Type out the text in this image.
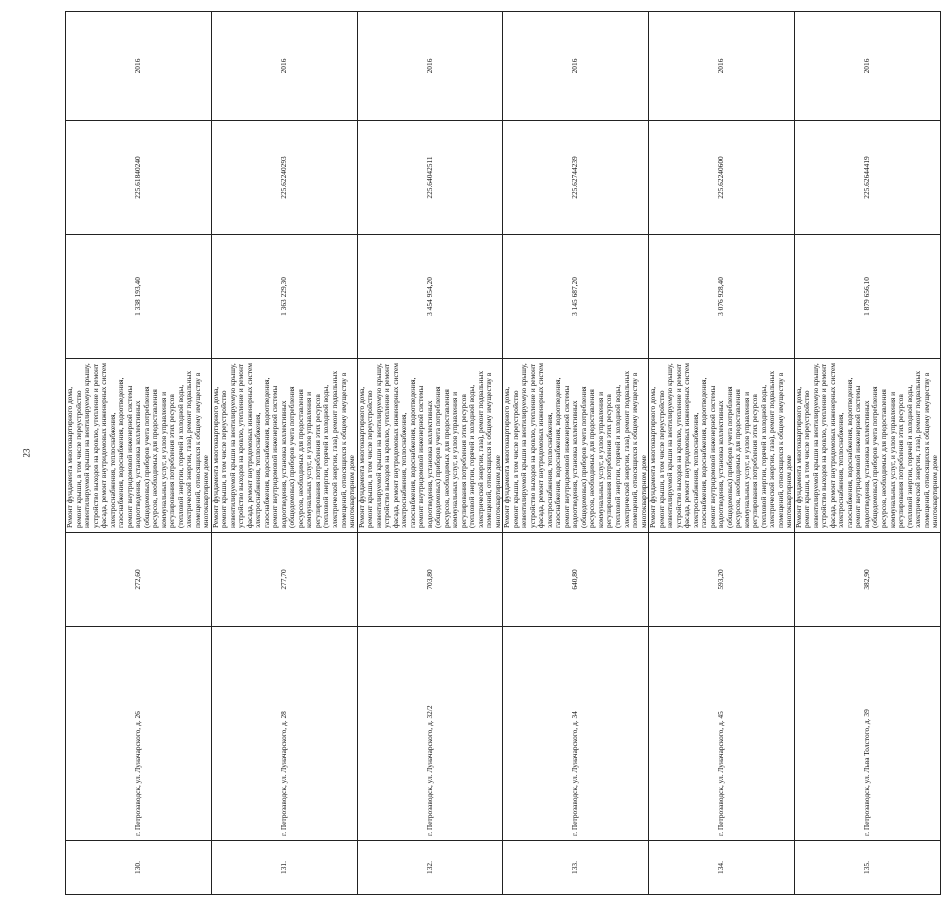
23
130.	г. Петрозаводск, ул. Луначарского, д. 26	272,60	Ремонт фундамента многоквартирного дома, ремонт крыши, в том числе переустройство невентилируемой крыши на вентилируемую крышу, устройство выходов на кровлю, утепление и ремонт фасада, ремонт внутридомовых инженерных систем электроснабжения, теплоснабжения, газоснабжения, водоснабжения, водоотведения, ремонт внутридомовой инженерной системы водоотведения, установка коллективных (общедомовых) приборов учета потребления ресурсов, необходимых для предоставления коммунальных услуг, и узлов управления и регулирования потребления этих ресурсов (тепловой энергии, горячей и холодной воды, электрической энергии, газа), ремонт подвальных помещений, относящихся к общему имуществу в многоквартирном доме	1 338 193,40	225.61840240	2016
131.	г. Петрозаводск, ул. Луначарского, д. 28	277,70	Ремонт фундамента многоквартирного дома, ремонт крыши, в том числе переустройство невентилируемой крыши на вентилируемую крышу, устройство выходов на кровлю, утепление и ремонт фасада, ремонт внутридомовых инженерных систем электроснабжения, теплоснабжения, газоснабжения, водоснабжения, водоотведения, ремонт внутридомовой инженерной системы водоотведения, установка коллективных (общедомовых) приборов учета потребления ресурсов, необходимых для предоставления коммунальных услуг, и узлов управления и регулирования потребления этих ресурсов (тепловой энергии, горячей и холодной воды, электрической энергии, газа), ремонт подвальных помещений, относящихся к общему имуществу в многоквартирном доме	1 363 229,30	225.62240293	2016
132.	г. Петрозаводск, ул. Луначарского, д. 32/2	703,80	Ремонт фундамента многоквартирного дома, ремонт крыши, в том числе переустройство невентилируемой крыши на вентилируемую крышу, устройство выходов на кровлю, утепление и ремонт фасада, ремонт внутридомовых инженерных систем электроснабжения, теплоснабжения, газоснабжения, водоснабжения, водоотведения, ремонт внутридомовой инженерной системы водоотведения, установка коллективных (общедомовых) приборов учета потребления ресурсов, необходимых для предоставления коммунальных услуг, и узлов управления и регулирования потребления этих ресурсов (тепловой энергии, горячей и холодной воды, электрической энергии, газа), ремонт подвальных помещений, относящихся к общему имуществу в многоквартирном доме	3 454 954,20	225.64042511	2016
133.	г. Петрозаводск, ул. Луначарского, д. 34	640,80	Ремонт фундамента многоквартирного дома, ремонт крыши, в том числе переустройство невентилируемой крыши на вентилируемую крышу, устройство выходов на кровлю, утепление и ремонт фасада, ремонт внутридомовых инженерных систем электроснабжения, теплоснабжения, газоснабжения, водоснабжения, водоотведения, ремонт внутридомовой инженерной системы водоотведения, установка коллективных (общедомовых) приборов учета потребления ресурсов, необходимых для предоставления коммунальных услуг, и узлов управления и регулирования потребления этих ресурсов (тепловой энергии, горячей и холодной воды, электрической энергии, газа), ремонт подвальных помещений, относящихся к общему имуществу в многоквартирном доме	3 145 687,20	225.62744239	2016
134.	г. Петрозаводск, ул. Луначарского, д. 45	593,20	Ремонт фундамента многоквартирного дома, ремонт крыши, в том числе переустройство невентилируемой крыши на вентилируемую крышу, устройство выходов на кровлю, утепление и ремонт фасада, ремонт внутридомовых инженерных систем электроснабжения, теплоснабжения, газоснабжения, водоснабжения, водоотведения, ремонт внутридомовой инженерной системы водоотведения, установка коллективных (общедомовых) приборов учета потребления ресурсов, необходимых для предоставления коммунальных услуг, и узлов управления и регулирования потребления этих ресурсов (тепловой энергии, горячей и холодной воды, электрической энергии, газа), ремонт подвальных помещений, относящихся к общему имуществу в многоквартирном доме	3 076 928,40	225.62240600	2016
135.	г. Петрозаводск, ул. Льва Толстого, д. 39	382,90	Ремонт фундамента многоквартирного дома, ремонт крыши, в том числе переустройство невентилируемой крыши на вентилируемую крышу, устройство выходов на кровлю, утепление и ремонт фасада, ремонт внутридомовых инженерных систем электроснабжения, теплоснабжения, газоснабжения, водоснабжения, водоотведения, ремонт внутридомовой инженерной системы водоотведения, установка коллективных (общедомовых) приборов учета потребления ресурсов, необходимых для предоставления коммунальных услуг, и узлов управления и регулирования потребления этих ресурсов (тепловой энергии, горячей и холодной воды, электрической энергии, газа), ремонт подвальных помещений, относящихся к общему имуществу в многоквартирном доме	1 879 656,10	225.62644419	2016
